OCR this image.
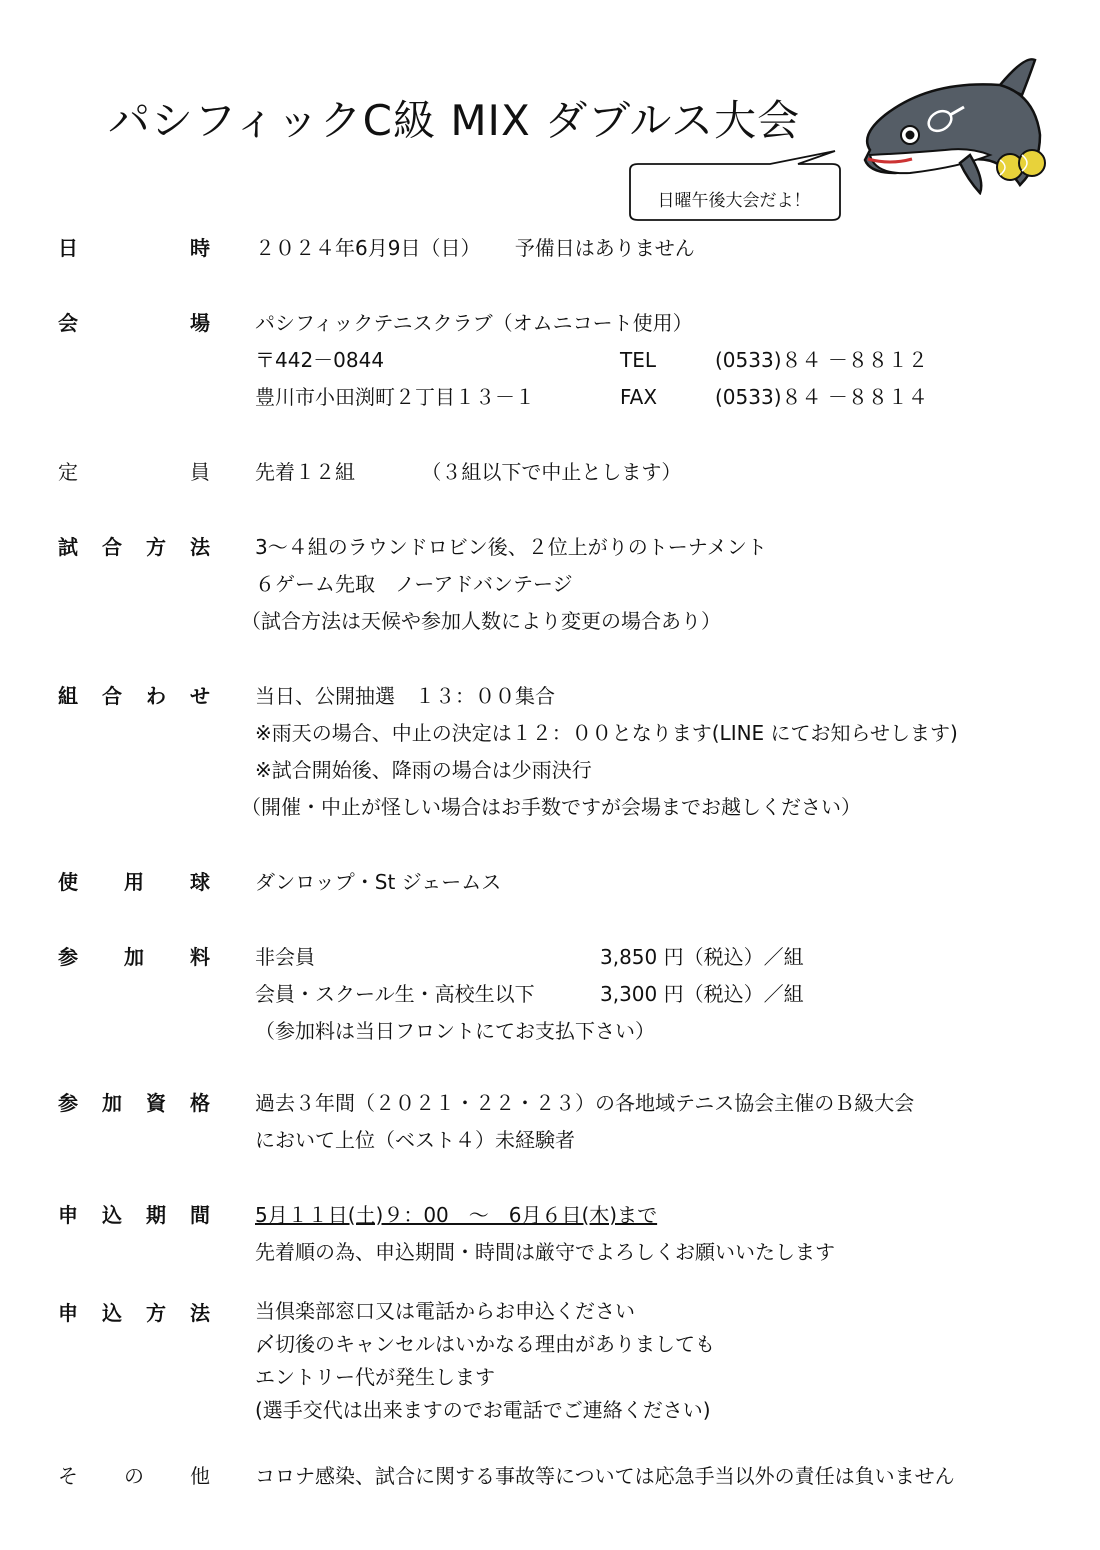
パシフィックC級 MIX ダブルス大会
日曜午後大会だよ！
日	時 ２０２４年6月9日（日） 予備日はありません
会	場 パシフィックテニスクラブ（オムニコート使用）
〒442－0844	TEL	(0533)８４ －８８１２
豊川市小田渕町２丁目１３－１	FAX	(0533)８４ －８８１４
定	員 先着１２組	（３組以下で中止とします）
試 合 方 法 3～４組のラウンドロビン後、２位上がりのトーナメント
６ゲーム先取　ノーアドバンテージ
（試合方法は天候や参加人数により変更の場合あり）
組 合 わ せ 当日、公開抽選　１３：００集合
※雨天の場合、中止の決定は１２：００となります(LINE にてお知らせします)
※試合開始後、降雨の場合は少雨決行
（開催・中止が怪しい場合はお手数ですが会場までお越しください）
使 用 球 ダンロップ・St ジェームス
参 加 料 非会員	3,850 円（税込）／組
会員・スクール生・高校生以下	3,300 円（税込）／組
（参加料は当日フロントにてお支払下さい）
参 加 資 格 過去３年間（２０２１・２２・２３）の各地域テニス協会主催のＢ級大会
において上位（ベスト４）未経験者
申 込 期 間 5月１１日(土)９：00　～　6月６日(木)まで
先着順の為、申込期間・時間は厳守でよろしくお願いいたします
申 込 方 法 当倶楽部窓口又は電話からお申込ください
〆切後のキャンセルはいかなる理由がありましても
エントリー代が発生します
(選手交代は出来ますのでお電話でご連絡ください)
そ の 他 コロナ感染、試合に関する事故等については応急手当以外の責任は負いません
